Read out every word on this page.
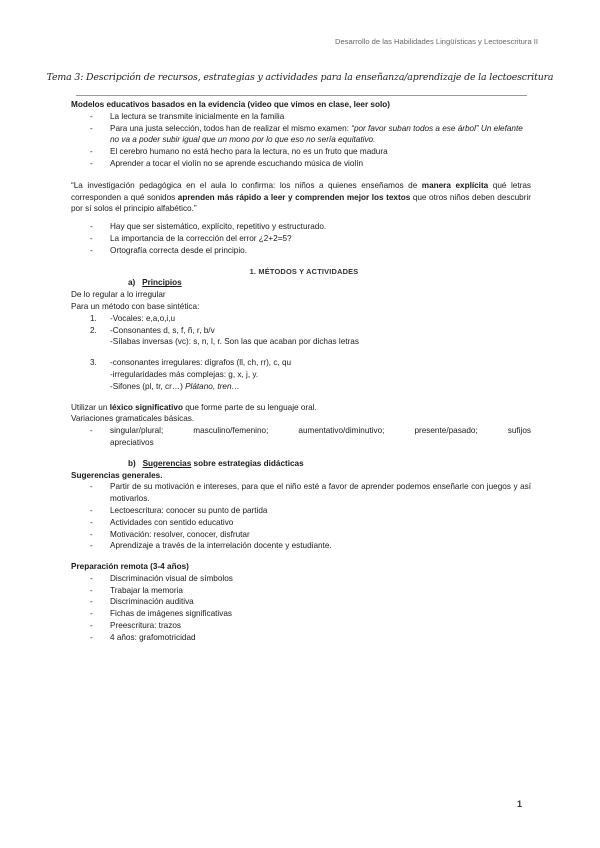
Desarrollo de las Habilidades Lingüísticas y Lectoescritura II
Tema 3: Descripción de recursos, estrategias y actividades para la enseñanza/aprendizaje de la lectoescritura

Modelos educativos basados en la evidencia (video que vimos en clase, leer solo)

- La lectura se transmite inicialmente en la familia
- Para una justa selección, todos han de realizar el mismo examen: “por favor suban todos a ese árbol” Un elefante no va a poder subir igual que un mono por lo que eso no sería equitativo.
- El cerebro humano no está hecho para la lectura, no es un fruto que madura
- Aprender a tocar el violín no se aprende escuchando música de violín

“La investigación pedagógica en el aula lo confirma: los niños a quienes enseñamos de manera explícita qué letras corresponden a qué sonidos aprenden más rápido a leer y comprenden mejor los textos que otros niños deben descubrir por sí solos el principio alfabético.”

- Hay que ser sistemático, explícito, repetitivo y estructurado.
- La importancia de la corrección del error ¿2+2=5?
- Ortografía correcta desde el principio.

1. MÉTODOS Y ACTIVIDADES

a) Principios

De lo regular a lo irregular

Para un método con base sintética:

1. -Vocales: e,a,o,i,u
2. -Consonantes d, s, f, ñ, r, b/v

-Sílabas inversas (vc): s, n, l, r. Son las que acaban por dichas letras

3. -consonantes irregulares: dígrafos (ll, ch, rr), c, qu

-irregularidades más complejas: g, x, j, y.

-Sifones (pl, tr, cr…) Plátano, tren…

Utilizar un léxico significativo que forme parte de su lenguaje oral.

Variaciones gramaticales básicas.

- singular/plural;	masculino/femenino;	aumentativo/diminutivo;	presente/pasado;	sufijos
apreciativos

b) Sugerencias sobre estrategias didácticas

Sugerencias generales.

- Partir de su motivación e intereses, para que el niño esté a favor de aprender podemos enseñarle con juegos y así motivarlos.
- Lectoescritura: conocer su punto de partida
- Actividades con sentido educativo
- Motivación: resolver, conocer, disfrutar
- Aprendizaje a través de la interrelación docente y estudiante.

Preparación remota (3-4 años)

- Discriminación visual de símbolos
- Trabajar la memoria
- Discriminación auditiva
- Fichas de imágenes significativas
- Preescritura: trazos
- 4 años: grafomotricidad
1
